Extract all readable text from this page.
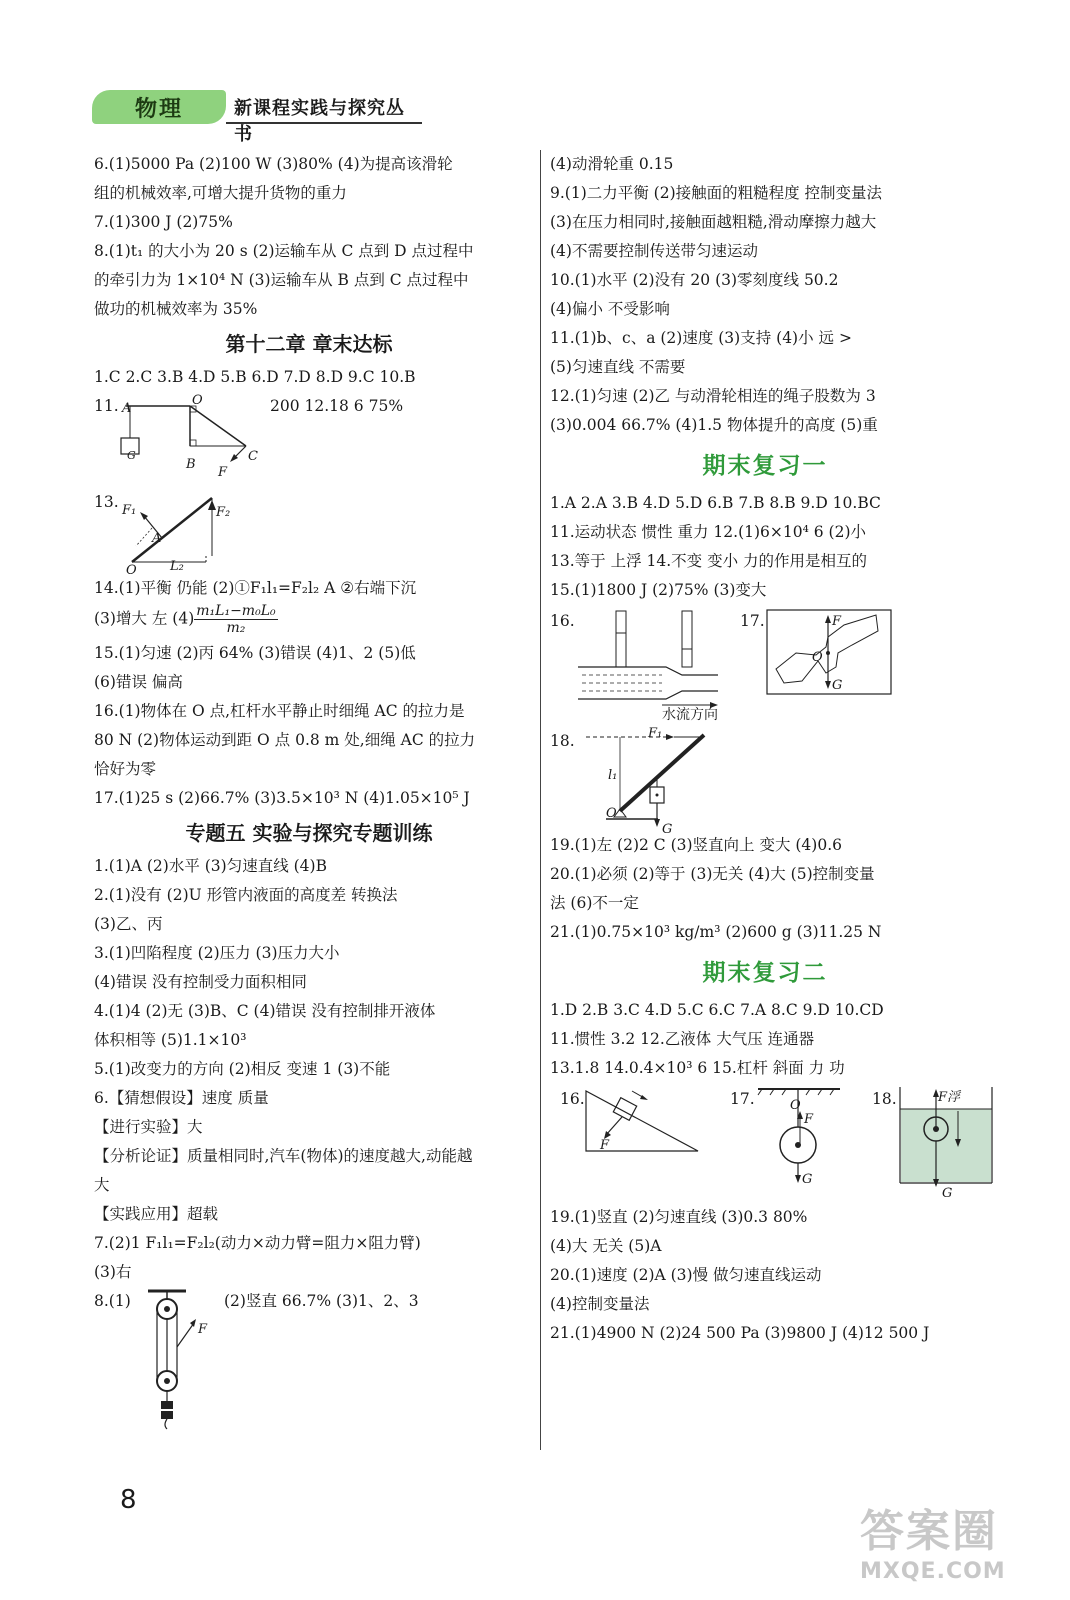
物理	新课程实践与探究丛书
6.(1)5000 Pa (2)100 W (3)80% (4)为提高该滑轮
组的机械效率,可增大提升货物的重力
7.(1)300 J (2)75%
8.(1)t₁ 的大小为 20 s (2)运输车从 C 点到 D 点过程中
的牵引力为 1×10⁴ N (3)运输车从 B 点到 C 点过程中
做功的机械效率为 35%
第十二章 章末达标
1.C 2.C 3.B 4.D 5.B 6.D 7.D 8.D 9.C 10.B
11. A
O
G
B
C
F
200 12.18 6 75%
13. F₁	F₂
A
O	L₂
14.(1)平衡 仍能 (2)①F₁l₁=F₂l₂ A ②右端下沉
(3)增大 左 $(4) \frac{\text{m₁L₁−m₀L₀}}{\text{m₂}}$
15.(1)匀速 (2)丙 64% (3)错误 (4)1、2 (5)低
(6)错误 偏高
16.(1)物体在 O 点,杠杆水平静止时细绳 AC 的拉力是
80 N (2)物体运动到距 O 点 0.8 m 处,细绳 AC 的拉力
恰好为零
17.(1)25 s (2)66.7% (3)3.5×10³ N (4)1.05×10⁵ J
专题五 实验与探究专题训练
1.(1)A (2)水平 (3)匀速直线 (4)B
2.(1)没有 (2)U 形管内液面的高度差 转换法
(3)乙、丙
3.(1)凹陷程度 (2)压力 (3)压力大小
(4)错误 没有控制受力面积相同
4.(1)4 (2)无 (3)B、C (4)错误 没有控制排开液体
体积相等 (5)1.1×10³
5.(1)改变力的方向 (2)相反 变速 1 (3)不能
6.【猜想假设】速度 质量
【进行实验】大
【分析论证】质量相同时,汽车(物体)的速度越大,动能越
大
【实践应用】超载
7.(2)1 F₁l₁=F₂l₂(动力×动力臂=阻力×阻力臂)
(3)右
8.(1)
F
(2)竖直 66.7% (3)1、2、3
(4)动滑轮重 0.15
9.(1)二力平衡 (2)接触面的粗糙程度 控制变量法
(3)在压力相同时,接触面越粗糙,滑动摩擦力越大
(4)不需要控制传送带匀速运动
10.(1)水平 (2)没有 20 (3)零刻度线 50.2
(4)偏小 不受影响
11.(1)b、c、a (2)速度 (3)支持 (4)小 远 >
(5)匀速直线 不需要
12.(1)匀速 (2)乙 与动滑轮相连的绳子股数为 3
(3)0.004 66.7% (4)1.5 物体提升的高度 (5)重
期末复习一
1.A 2.A 3.B 4.D 5.D 6.B 7.B 8.B 9.D 10.BC
11.运动状态 惯性 重力 12.(1)6×10⁴ 6 (2)小
13.等于 上浮 14.不变 变小 力的作用是相互的
15.(1)1800 J (2)75% (3)变大
16.
水流方向
17.	F
O
G
18.	F₁
l₁
O
G
19.(1)左 (2)2 C (3)竖直向上 变大 (4)0.6
20.(1)必须 (2)等于 (3)无关 (4)大 (5)控制变量
法 (6)不一定
21.(1)0.75×10³ kg/m³ (2)600 g (3)11.25 N
期末复习二
1.D 2.B 3.C 4.D 5.C 6.C 7.A 8.C 9.D 10.CD
11.惯性 3.2 12.乙液体 大气压 连通器
13.1.8 14.0.4×10³ 6 15.杠杆 斜面 力 功
16.
F
17.	O
F
G
18.	F浮
G
19.(1)竖直 (2)匀速直线 (3)0.3 80%
(4)大 无关 (5)A
20.(1)速度 (2)A (3)慢 做匀速直线运动
(4)控制变量法
21.(1)4900 N (2)24 500 Pa (3)9800 J (4)12 500 J
8
答案圈
MXQE.COM
